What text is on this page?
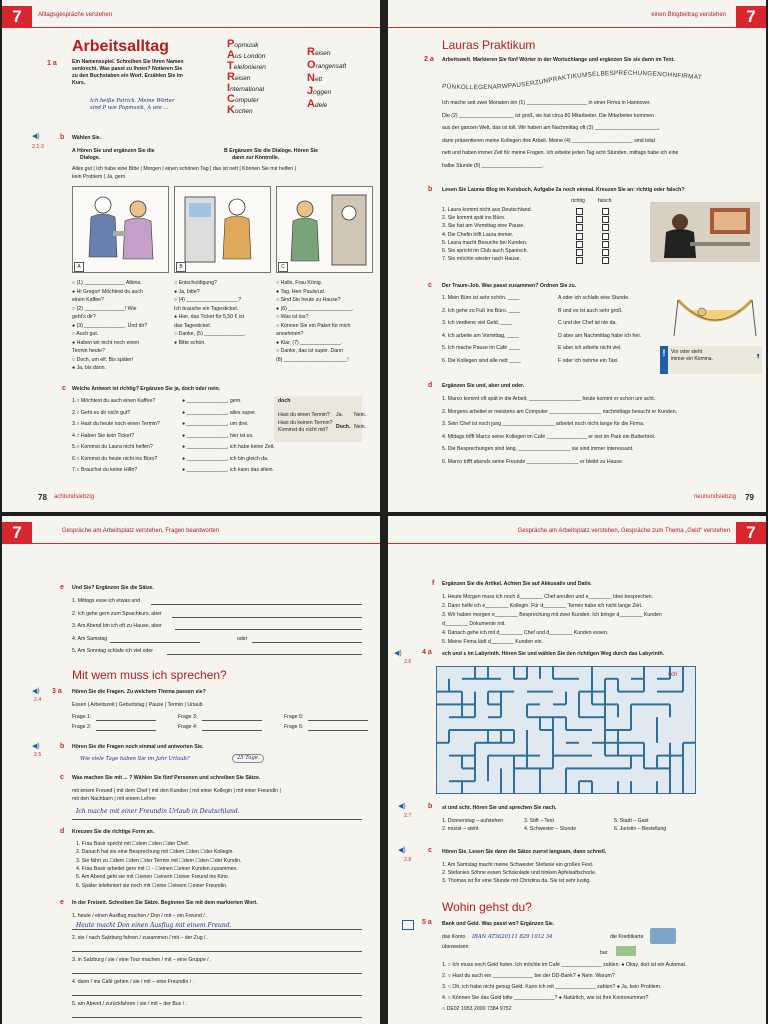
7	Alltagsgespräche verstehen
Arbeitsalltag
1 a	Ein Namensspiel. Schreiben Sie Ihren Namen
senkrecht. Was passt zu Ihnen? Notieren Sie
zu den Buchstaben ein Wort. Erzählen Sie im
Kurs.
Ich heiße Patrick. Meine Wörter
sind P wie Popmusik, A wie ...
Popmusik
Aus London
Telefonieren
Reisen
International
Computer
Kochen
Reisen
Orangensaft
Nett
Joggen
Adele
◀)
2.1-3
b Wählen Sie.
A Hören Sie und ergänzen Sie die
Dialoge.
B Ergänzen Sie die Dialoge. Hören Sie
dann zur Kontrolle.
Alles gut | Ich habe eine Bitte | Morgen | einen schönen Tag | das ist nett | Können Sie mir helfen |
kein Problem | Ja, gern
A	B	C
○ (1) ______________ Albina.
● Hi Gregor! Möchtest du auch
einen Kaffee?
○ (2) ______________! Wie
geht's dir?
● (3) ______________. Und dir?
○ Auch gut.
● Haben wir nicht noch einen
Termin heute?
○ Doch, um elf. Bis später!
● Ja, bis dann.
○ Entschuldigung?
● Ja, bitte?
○ (4) __________________?
Ich brauche ein Tagesticket.
● Hier, das Ticket für 5,50 € ist
das Tagesticket.
○ Danke, (5) ______________.
● Bitte schön.
○ Hallo, Frau König.
● Tag, Herr Paulsrud.
○ Sind Sie heute zu Hause?
● (6) ______________________.
○ Was ist los?
○ Können Sie ein Paket für mich
annehmen?
● Klar, (7) ______________.
○ Danke, das ist super. Dann
(8) ______________________!
c Welche Antwort ist richtig? Ergänzen Sie ja, doch oder nein.
1.○ Möchtest du auch einen Kaffee?	● ______________, gern.
2.○ Geht es dir nicht gut?	● ______________, alles super.
3.○ Hast du heute noch einen Termin?	● ______________, um drei.
4.○ Haben Sie kein Ticket?	● ______________, hier ist es.
5.○ Kommst du Laura nicht helfen?	● ______________, ich habe keine Zeit.
6.○ Kommst du heute nicht ins Büro?	● ______________, ich bin gleich da.
7.○ Brauchst du keine Hilfe?	● ______________, ich kann das allein.
doch
Hast du einen Termin? Ja. Nein.
Hast du keinen Termin?
Kommst du nicht mit? Doch. Nein.
78 achtundsiebzig
7
einen Blogbeitrag verstehen
Lauras Praktikum
2 a Arbeitswelt. Markieren Sie fünf Wörter in der Wortschlange und ergänzen Sie sie dann im Text.
PÜNKOLLEGENARWPAUSERZUNPRAKTIKUMSELBESPRECHUNGENOHNFIRMAT
Ich mache seit zwei Monaten ein (1) _____________________ in einer Firma in Hannover.
Die (2) ___________________ ist groß, sie hat circa 80 Mitarbeiter. Die Mitarbeiter kommen
aus der ganzen Welt, das ist toll. Wir haben am Nachmittag oft (3) ______________________,
dann präsentieren meine Kollegen ihre Arbeit. Meine (4) _____________________ sind total
nett und haben immer Zeit für meine Fragen. Ich arbeite jeden Tag acht Stunden, mittags habe ich eine
halbe Stunde (5) _____________________.
b Lesen Sie Lauras Blog im Kursbuch, Aufgabe 2a noch einmal. Kreuzen Sie an: richtig oder falsch?
richtig	falsch
1. Laura kommt nicht aus Deutschland.
2. Sie kommt spät ins Büro.
3. Sie hat am Vormittag eine Pause.
4. Die Chefin hilft Laura immer.
5. Laura macht Besuche bei Kunden.
6. Sie spricht im Club auch Spanisch.
7. Sie möchte wieder nach Hause.
c Der Traum-Job. Was passt zusammen? Ordnen Sie zu.
1. Mein Büro ist sehr schön. ____
2. Ich gehe zu Fuß ins Büro. ____
3. Ich verdiene viel Geld, ____
4. Ich arbeite am Vormittag, ____
5. Ich mache Pause im Café ____
6. Die Kollegen sind alle nett ____
A oder ich schlafe eine Stunde.
B und es ist auch sehr groß.
C und der Chef ist nie da.
D aber am Nachmittag habe ich frei.
E aber ich arbeite nicht viel.
F oder ich nehme ein Taxi.
!	Vor oder steht
immer ein Komma.	,
d Ergänzen Sie und, aber und oder.
1. Marco kommt oft spät in die Arbeit, __________________ heute kommt er schon um acht.
2. Morgens arbeitet er meistens am Computer __________________ nachmittags besucht er Kunden.
3. Sein Chef ist noch jung __________________ arbeitet noch nicht lange für die Firma.
4. Mittags trifft Marco seine Kollegen im Café ______________ er isst im Park ein Butterbrot.
5. Die Besprechungen sind lang, __________________ sie sind immer interessant.
6. Marco trifft abends seine Freunde __________________ er bleibt zu Hause.
neunundsiebzig 79
7	Gespräche am Arbeitsplatz verstehen, Fragen beantworten
e Und Sie? Ergänzen Sie die Sätze.
1. Mittags esse ich etwas und
2. Ich gehe gern zum Sprachkurs, aber
3. Am Abend bin ich oft zu Hause, aber
4. Am Samstag
5. Am Sonntag schlafe ich viel oder
oder
Mit wem muss ich sprechen?
◀)
2.4
3 a Hören Sie die Fragen. Zu welchem Thema passen sie?
Essen | Arbeitszeit | Geburtstag | Pause | Termin | Urlaub
Frage 1:
Frage 2:
Frage 3:
Frage 4:
Frage 5:
Frage 6:
◀)
2.5
b Hören Sie die Fragen noch einmal und antworten Sie.
Wie viele Tage haben Sie im Jahr Urlaub?	25 Tage.
c Was machen Sie mit ... ? Wählen Sie fünf Personen und schreiben Sie Sätze.
mit einem Freund | mit dem Chef | mit den Kunden | mit einer Kollegin | mit einer Freundin |
mit den Nachbarn | mit einem Lehrer
Ich mache mit einer Freundin Urlaub in Deutschland.
d Kreuzen Sie die richtige Form an.
1. Frau Basir spricht mit ☐dem ☐den ☐der Chef.
2. Danach hat sie eine Besprechung mit ☐dem ☐den ☐der Kollegin.
3. Sie fährt zu ☐dem ☐den ☐der Termin mit ☐dem ☐den ☐der Kundin.
4. Frau Basir arbeitet gern mit ☐ - ☐einen ☐einer Kunden zusammen.
5. Am Abend geht sie mit ☐einen ☐einem ☐einer Freund ins Kino.
6. Später telefoniert sie noch mit ☐eine ☐einem ☐einer Freundin.
e In der Freizeit. Schreiben Sie Sätze. Beginnen Sie mit dem markierten Wort.
1. heute / einen Ausflug machen / Don / mit – ein Freund / .
2. sie / nach Salzburg fahren / zusammen / mit – der Zug / .
3. in Salzburg / sie / eine Tour machen / mit – eine Gruppe / .
4. dann / ins Café gehen / sie / mit – eine Freundin / .
5. am Abend / zurückfahren / sie / mit – der Bus / .
Heute macht Don einen Ausflug mit einem Freund.
7
Gespräche am Arbeitsplatz verstehen, Gespräche zum Thema „Geld“ verstehen
f Ergänzen Sie die Artikel. Achten Sie auf Akkusativ und Dativ.
1. Heute Morgen muss ich noch d________ Chef anrufen und e________ Idee besprechen.
2. Dann helfe ich e________ Kollegin. Für d________ Termin habe ich nicht lange Zeit.
3. Wir haben morgen e________ Besprechung mit zwei Kunden. Ich bringe d________ Kunden
d________ Dokumente mit.
4. Danach gehe ich mit d________ Chef und d________ Kunden essen.
5. Meine Firma lädt d________ Kunden ein.
◀)
2.6
4 a sch und s im Labyrinth. Hören Sie und wählen Sie den richtigen Weg durch das Labyrinth.
sch
◀)
2.7
b st und scht. Hören Sie und sprechen Sie nach.
1. Donnerstag – aufstehen
2. musst – steht
3. Stift – Test
4. Schwester – Stunde
5. Stadt – Gast
6. Juristin – Bestellung
◀)
2.8
c Hören Sie. Lesen Sie dann die Sätze zuerst langsam, dann schnell.
1. Am Samstag macht meine Schwester Stefanie ein großes Fest.
2. Stefanies Söhne essen Schokolade und trinken Apfelsaftschorle.
3. Thomas ist für eine Stunde mit Christina da. Sie ist sehr lustig.
Wohin gehst du?
5 a Bank und Geld. Was passt wo? Ergänzen Sie.
das Konto IBAN AT3620111 829 1012 34
überweisen
die Kreditkarte
bar
1. ○ Ich muss noch Geld holen. Ich möchte im Café ______________ zahlen. ● Okay, dort ist ein Automat.
2. ○ Hast du auch ein ______________ bei der DD-Bank? ● Nein. Warum?
3. ○ Oh, ich habe nicht genug Geld. Kann ich mit ______________ zahlen? ● Ja, kein Problem.
4. ○ Können Sie das Geld bitte ______________? ● Natürlich, wie ist Ihre Kontonummer?
○ DE02 1953 2000 7384 9752
